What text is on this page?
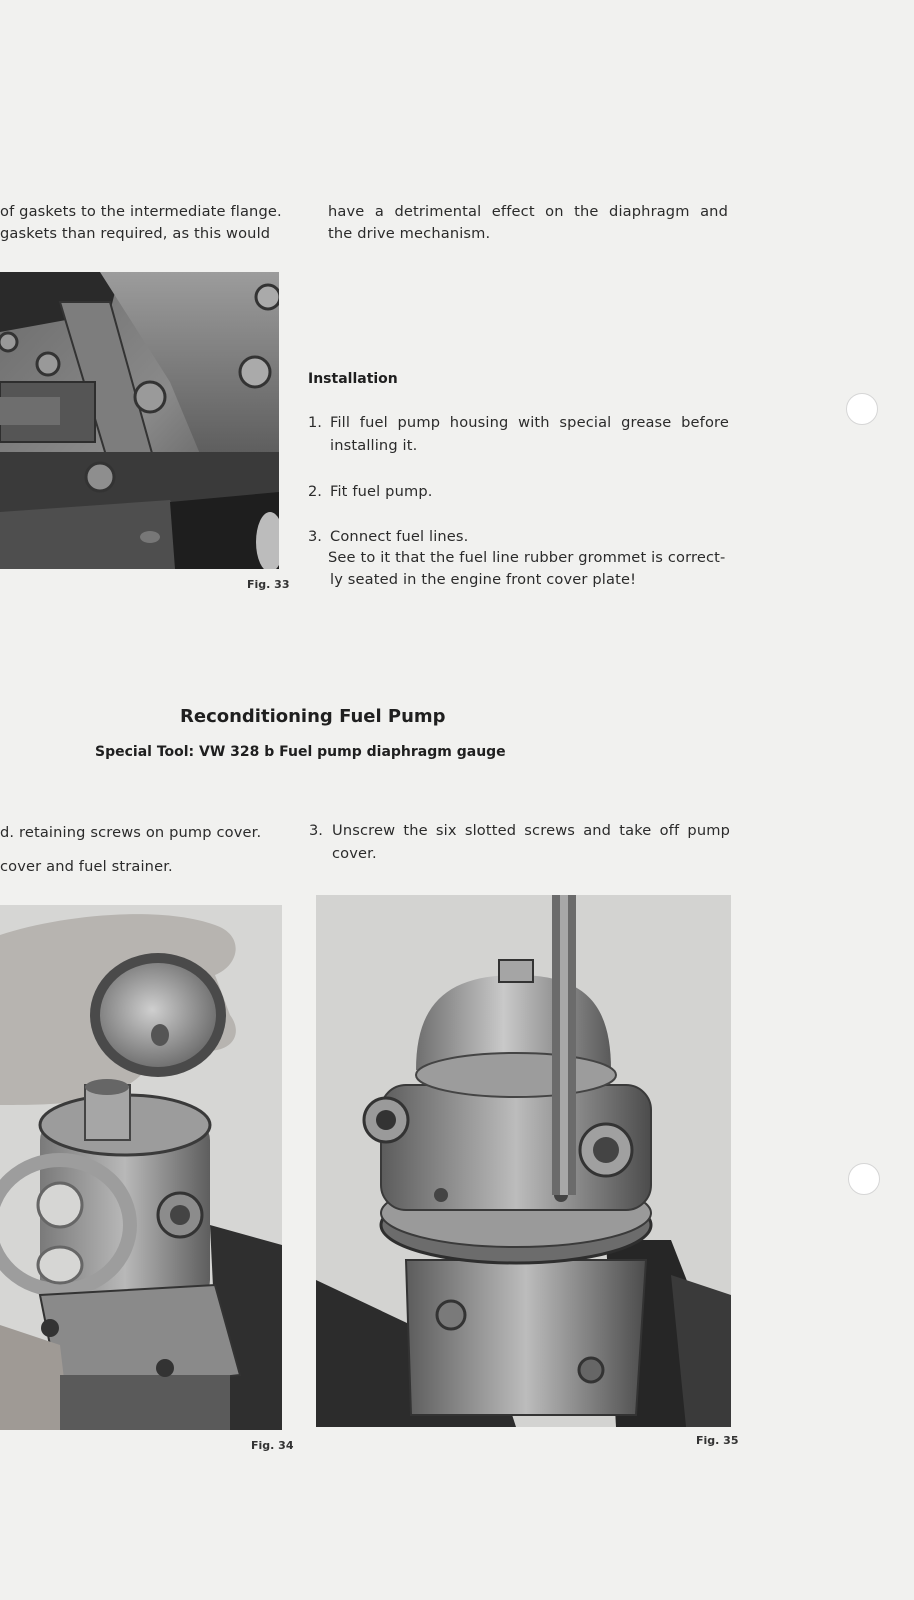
of gaskets to the intermediate flange.
gaskets than required, as this would
have a detrimental effect on the diaphragm and
the drive mechanism.
Fig. 33
Installation
1. Fill fuel pump housing with special grease before
installing it.
2. Fit fuel pump.
3. Connect fuel lines.
See to it that the fuel line rubber grommet is correct-
ly seated in the engine front cover plate!
Reconditioning Fuel Pump
Special Tool: VW 328 b Fuel pump diaphragm gauge
d. retaining screws on pump cover.
cover and fuel strainer.
3. Unscrew the six slotted screws and take off pump
cover.
Fig. 34	Fig. 35
